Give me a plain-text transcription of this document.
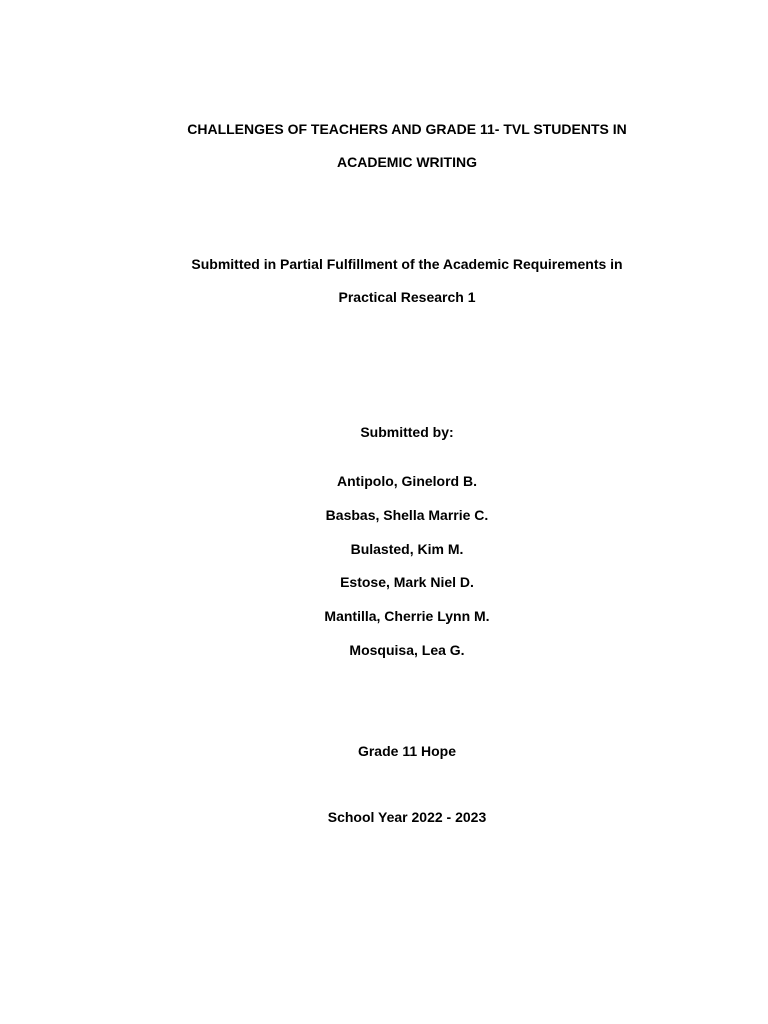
CHALLENGES OF TEACHERS AND GRADE 11- TVL STUDENTS IN
ACADEMIC WRITING
Submitted in Partial Fulfillment of the Academic Requirements in
Practical Research 1
Submitted by:
Antipolo, Ginelord B.
Basbas, Shella Marrie C.
Bulasted, Kim M.
Estose, Mark Niel D.
Mantilla, Cherrie Lynn M.
Mosquisa, Lea G.
Grade 11 Hope
School Year 2022 - 2023
